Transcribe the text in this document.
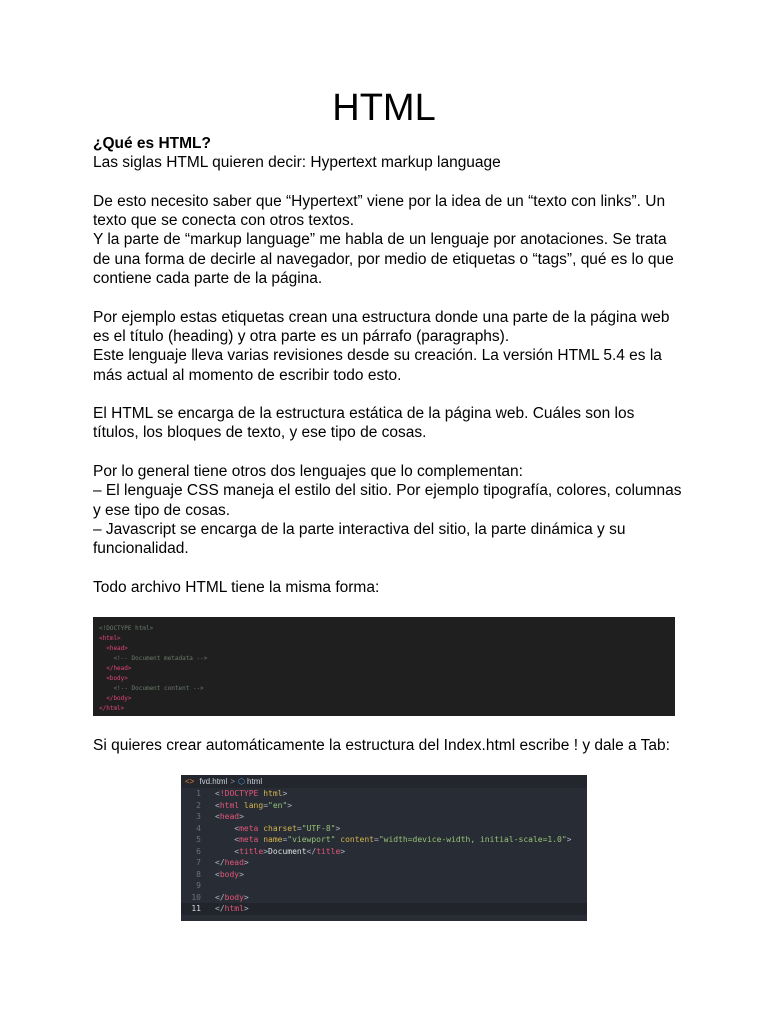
HTML

¿Qué es HTML?

Las siglas HTML quieren decir: Hypertext markup language

De esto necesito saber que “Hypertext” viene por la idea de un “texto con links”. Un texto que se conecta con otros textos.

Y la parte de “markup language” me habla de un lenguaje por anotaciones. Se trata de una forma de decirle al navegador, por medio de etiquetas o “tags”, qué es lo que contiene cada parte de la página.

Por ejemplo estas etiquetas crean una estructura donde una parte de la página web es el título (heading) y otra parte es un párrafo (paragraphs).

Este lenguaje lleva varias revisiones desde su creación. La versión HTML 5.4 es la más actual al momento de escribir todo esto.

El HTML se encarga de la estructura estática de la página web. Cuáles son los títulos, los bloques de texto, y ese tipo de cosas.

Por lo general tiene otros dos lenguajes que lo complementan:

– El lenguaje CSS maneja el estilo del sitio. Por ejemplo tipografía, colores, columnas y ese tipo de cosas.

– Javascript se encarga de la parte interactiva del sitio, la parte dinámica y su funcionalidad.

Todo archivo HTML tiene la misma forma:

<!DOCTYPE html>
<html>
<head>
<!-- Document metadata -->
</head>
<body>
<!-- Document content -->
</body>
</html>
Si quieres crear automáticamente la estructura del Index.html escribe ! y dale a Tab:
<> fvd.html > ⬡ html
1 <!DOCTYPE html>
2 <html lang="en">
3 <head>
4	<meta charset="UTF-8">
5	<meta name="viewport" content="width=device-width, initial-scale=1.0">
6	<title>Document</title>
7 </head>
8 <body>
9
10 </body>
11 </html>
